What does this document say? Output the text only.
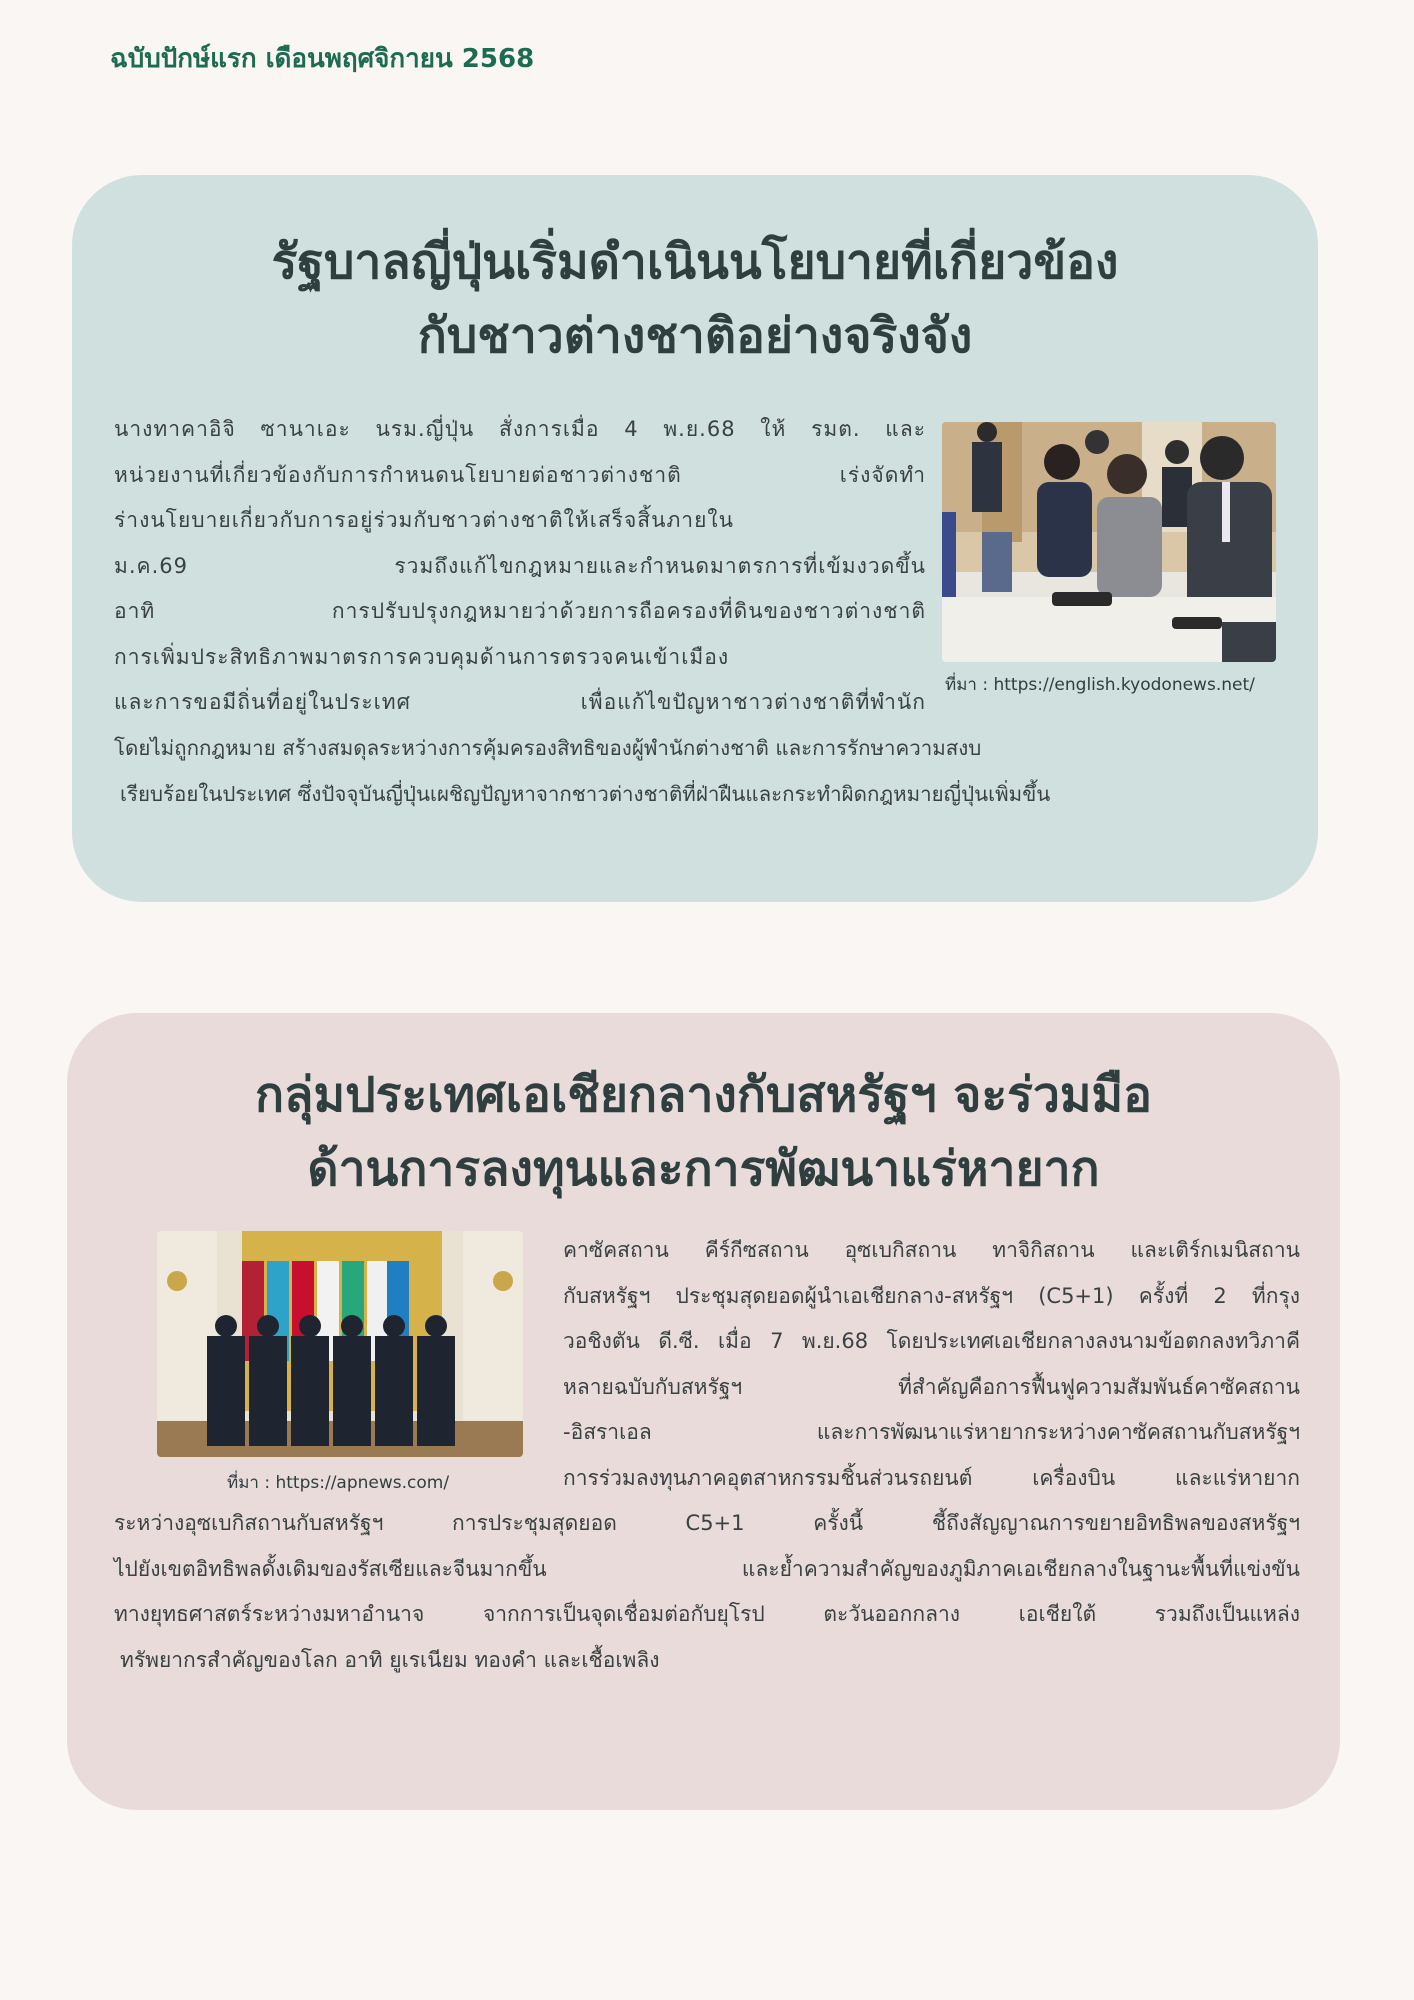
ฉบับปักษ์แรก เดือนพฤศจิกายน 2568
รัฐบาลญี่ปุ่นเริ่มดำเนินนโยบายที่เกี่ยวข้อง
กับชาวต่างชาติอย่างจริงจัง
นางทาคาอิจิ ซานาเอะ นรม.ญี่ปุ่น สั่งการเมื่อ 4 พ.ย.68 ให้ รมต. และ
หน่วยงานที่เกี่ยวข้องกับการกำหนดนโยบายต่อชาวต่างชาติ เร่งจัดทำ
ร่างนโยบายเกี่ยวกับการอยู่ร่วมกับชาวต่างชาติให้เสร็จสิ้นภายใน
ม.ค.69 รวมถึงแก้ไขกฎหมายและกำหนดมาตรการที่เข้มงวดขึ้น
อาทิ การปรับปรุงกฎหมายว่าด้วยการถือครองที่ดินของชาวต่างชาติ
การเพิ่มประสิทธิภาพมาตรการควบคุมด้านการตรวจคนเข้าเมือง
และการขอมีถิ่นที่อยู่ในประเทศ เพื่อแก้ไขปัญหาชาวต่างชาติที่พำนัก
โดยไม่ถูกกฎหมาย สร้างสมดุลระหว่างการคุ้มครองสิทธิของผู้พำนักต่างชาติ และการรักษาความสงบ
เรียบร้อยในประเทศ ซึ่งปัจจุบันญี่ปุ่นเผชิญปัญหาจากชาวต่างชาติที่ฝ่าฝืนและกระทำผิดกฎหมายญี่ปุ่นเพิ่มขึ้น
ที่มา : https://english.kyodonews.net/
กลุ่มประเทศเอเชียกลางกับสหรัฐฯ จะร่วมมือ
ด้านการลงทุนและการพัฒนาแร่หายาก
ที่มา : https://apnews.com/
คาซัคสถาน คีร์กีซสถาน อุซเบกิสถาน ทาจิกิสถาน และเติร์กเมนิสถาน
กับสหรัฐฯ ประชุมสุดยอดผู้นำเอเชียกลาง-สหรัฐฯ (C5+1) ครั้งที่ 2 ที่กรุง
วอชิงตัน ดี.ซี. เมื่อ 7 พ.ย.68 โดยประเทศเอเชียกลางลงนามข้อตกลงทวิภาคี
หลายฉบับกับสหรัฐฯ ที่สำคัญคือการฟื้นฟูความสัมพันธ์คาซัคสถาน
-อิสราเอล และการพัฒนาแร่หายากระหว่างคาซัคสถานกับสหรัฐฯ
การร่วมลงทุนภาคอุตสาหกรรมชิ้นส่วนรถยนต์ เครื่องบิน และแร่หายาก
ระหว่างอุซเบกิสถานกับสหรัฐฯ การประชุมสุดยอด C5+1 ครั้งนี้ ชี้ถึงสัญญาณการขยายอิทธิพลของสหรัฐฯ
ไปยังเขตอิทธิพลดั้งเดิมของรัสเซียและจีนมากขึ้น และย้ำความสำคัญของภูมิภาคเอเชียกลางในฐานะพื้นที่แข่งขัน
ทางยุทธศาสตร์ระหว่างมหาอำนาจ จากการเป็นจุดเชื่อมต่อกับยุโรป ตะวันออกกลาง เอเชียใต้ รวมถึงเป็นแหล่ง
ทรัพยากรสำคัญของโลก อาทิ ยูเรเนียม ทองคำ และเชื้อเพลิง
